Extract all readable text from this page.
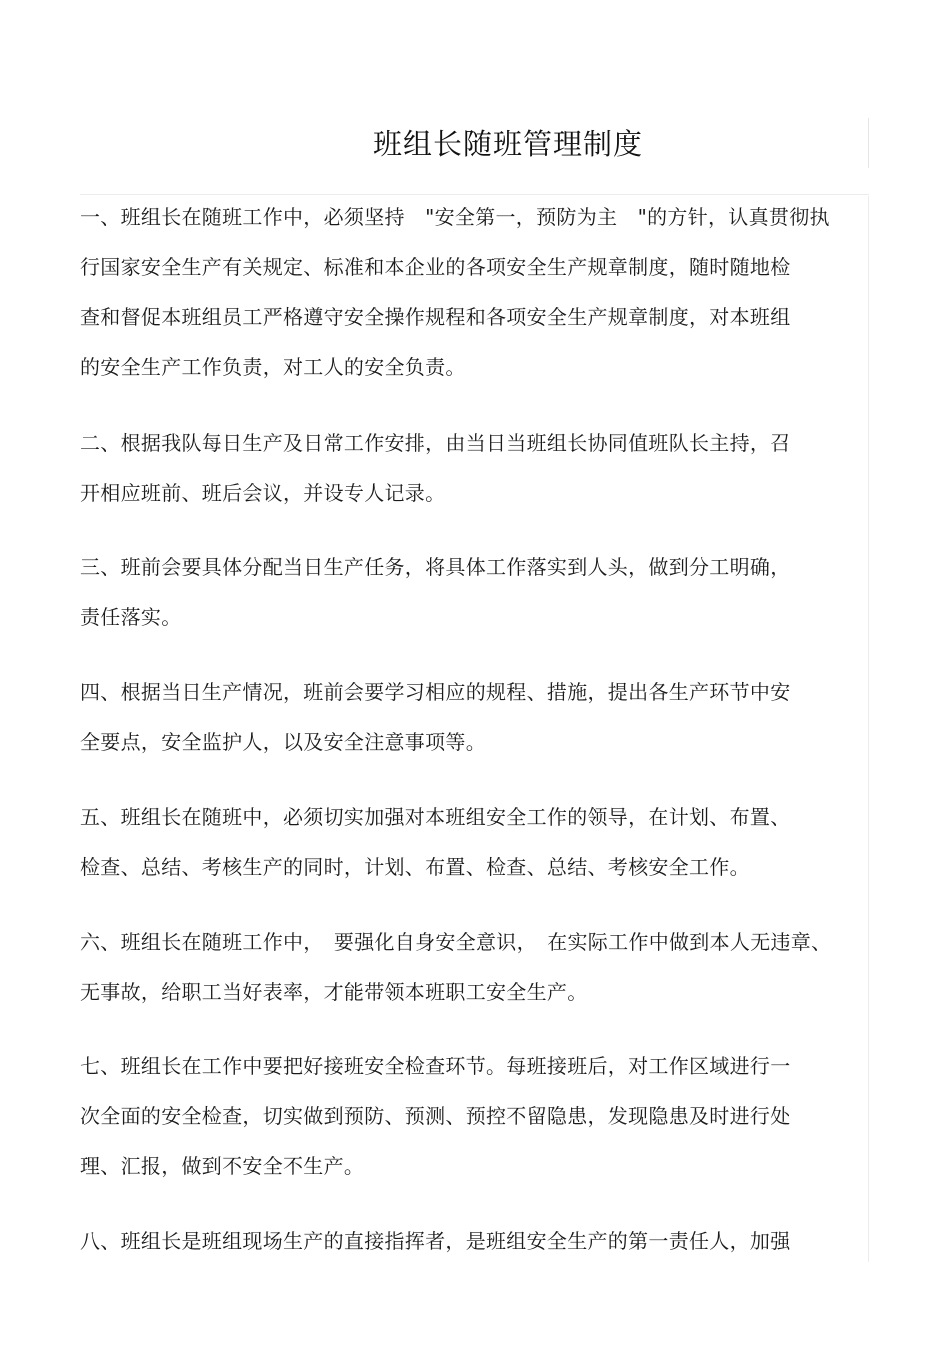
班组长随班管理制度
一、班组长在随班工作中，必须坚持　"安全第一，预防为主　"的方针，认真贯彻执
行国家安全生产有关规定、标准和本企业的各项安全生产规章制度，随时随地检
查和督促本班组员工严格遵守安全操作规程和各项安全生产规章制度，对本班组
的安全生产工作负责，对工人的安全负责。
二、根据我队每日生产及日常工作安排，由当日当班组长协同值班队长主持，召
开相应班前、班后会议，并设专人记录。
三、班前会要具体分配当日生产任务，将具体工作落实到人头，做到分工明确，
责任落实。
四、根据当日生产情况，班前会要学习相应的规程、措施，提出各生产环节中安
全要点，安全监护人，以及安全注意事项等。
五、班组长在随班中，必须切实加强对本班组安全工作的领导，在计划、布置、
检查、总结、考核生产的同时，计划、布置、检查、总结、考核安全工作。
六、班组长在随班工作中，　要强化自身安全意识，　在实际工作中做到本人无违章、
无事故，给职工当好表率，才能带领本班职工安全生产。
七、班组长在工作中要把好接班安全检查环节。每班接班后，对工作区域进行一
次全面的安全检查，切实做到预防、预测、预控不留隐患，发现隐患及时进行处
理、汇报，做到不安全不生产。
八、班组长是班组现场生产的直接指挥者，是班组安全生产的第一责任人，加强
